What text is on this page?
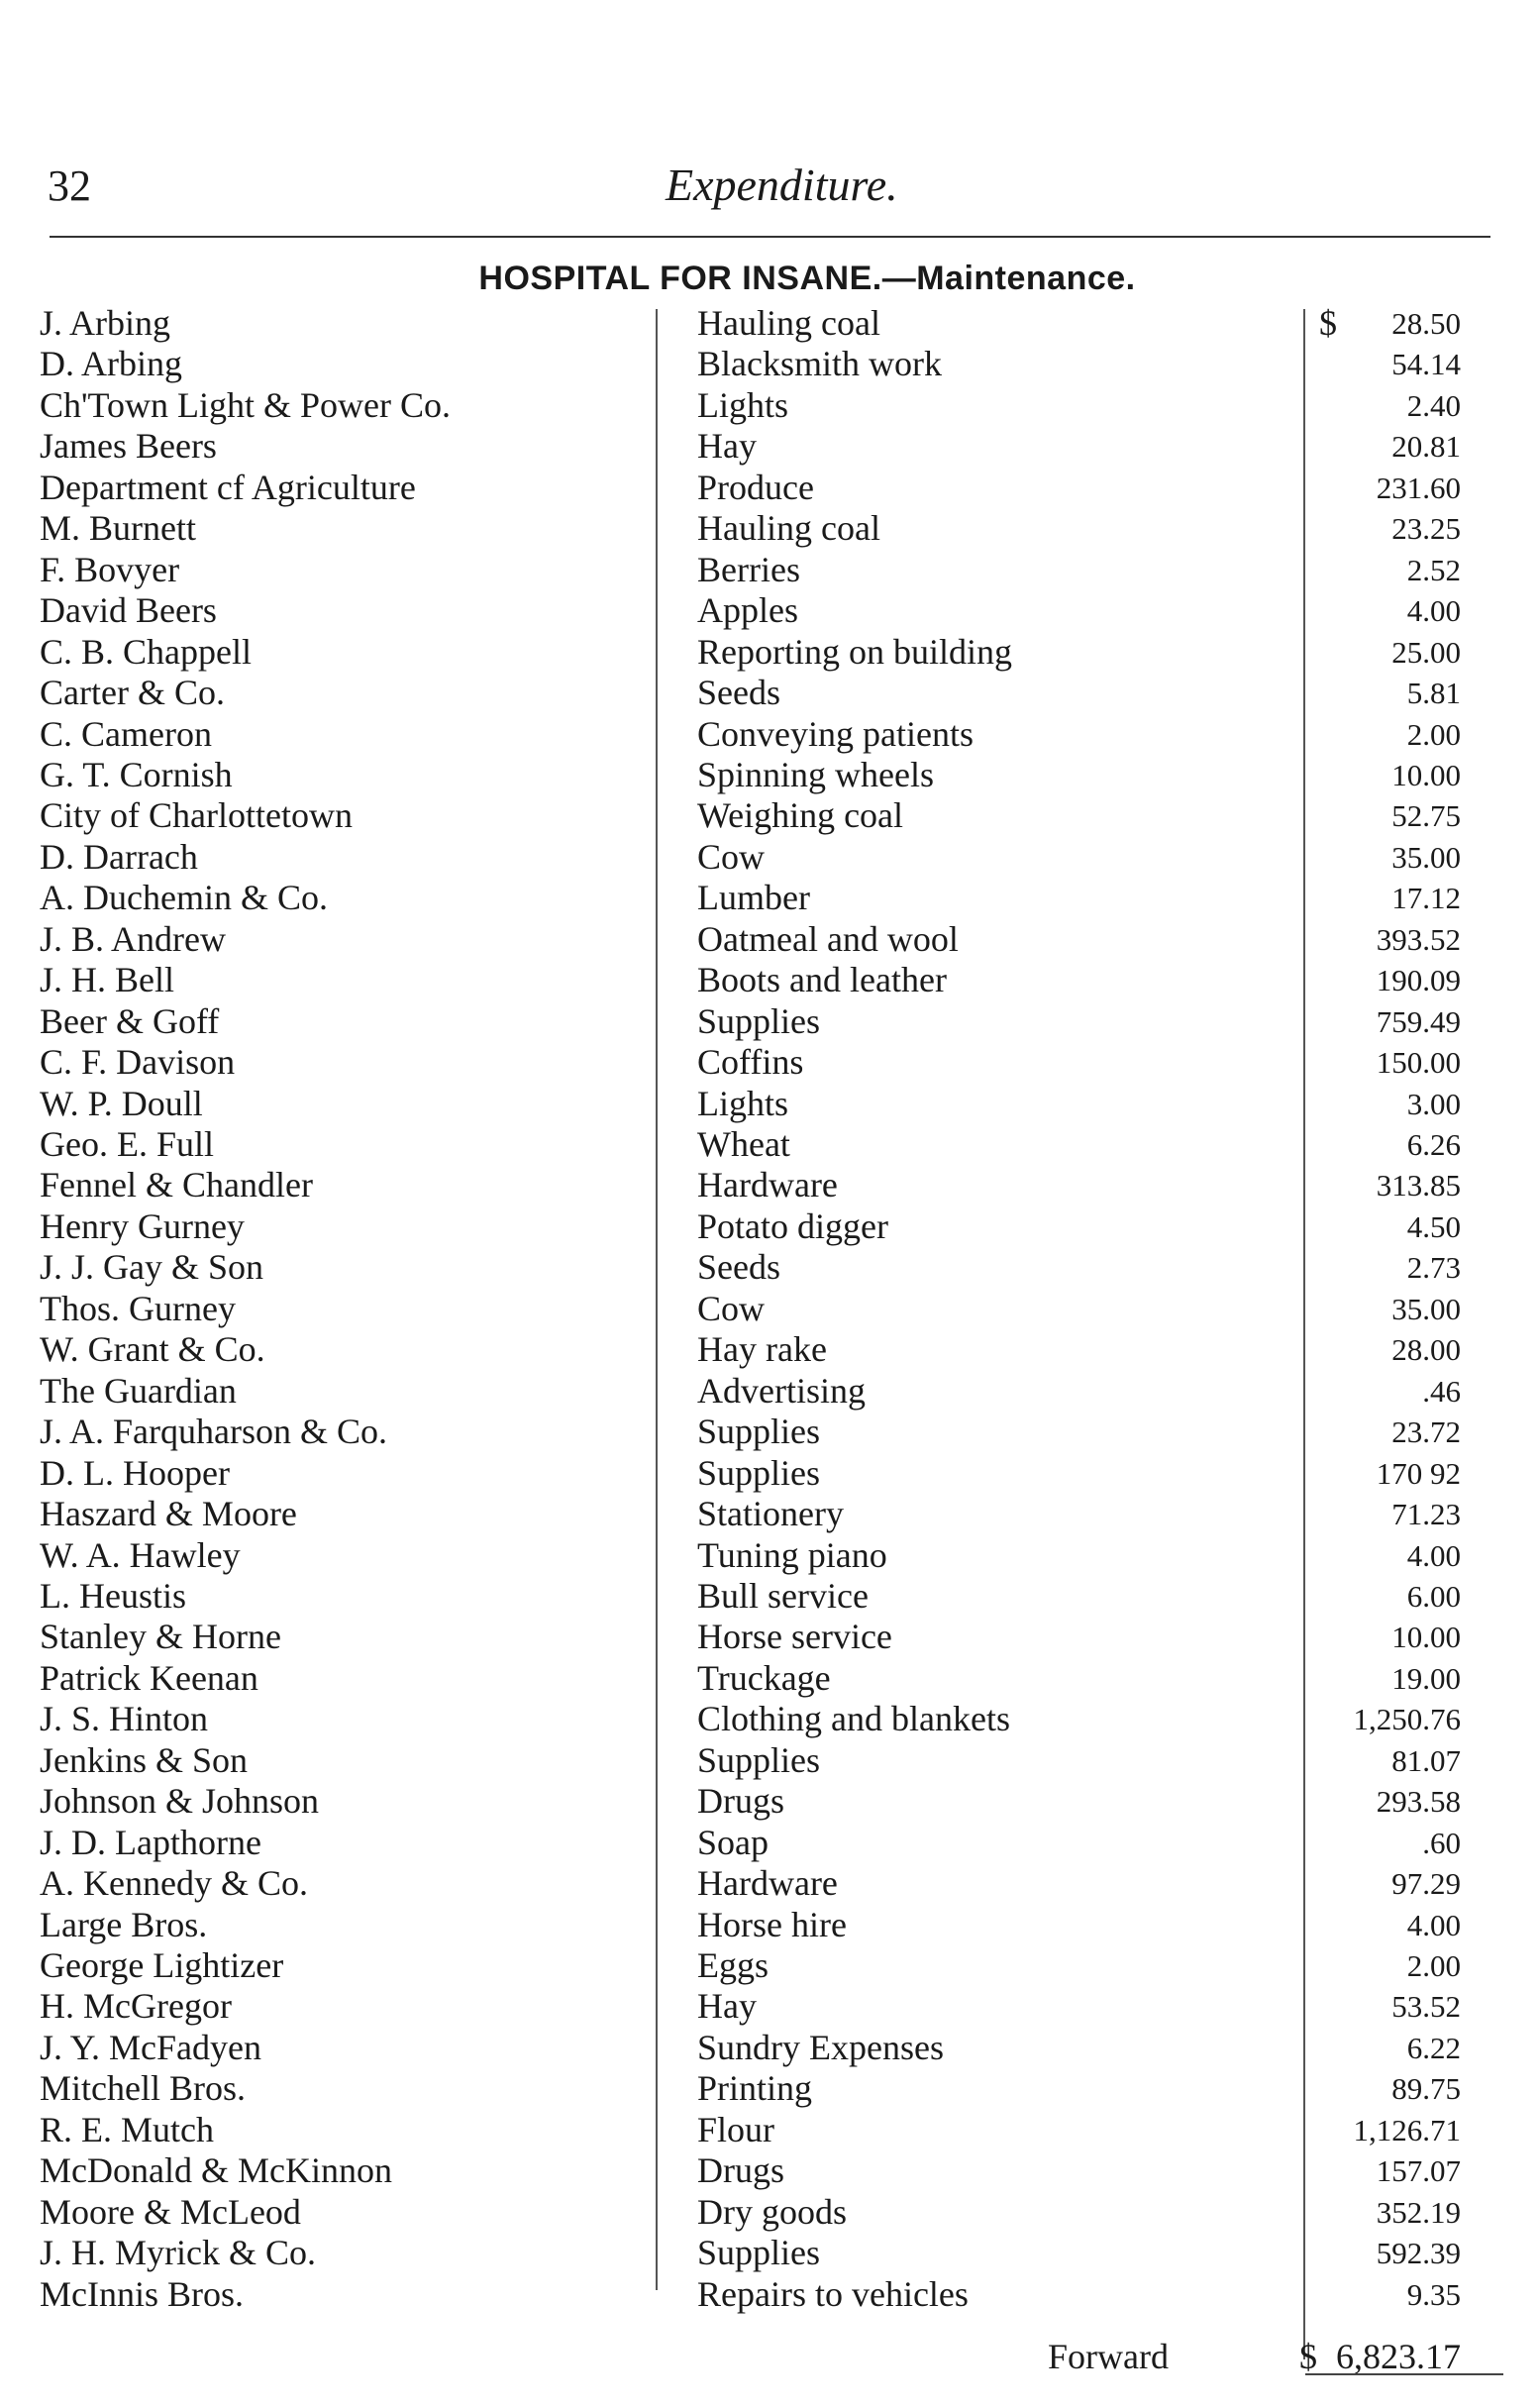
32	Expenditure.
HOSPITAL FOR INSANE.—Maintenance.
J. Arbing	Hauling coal	$ 28.50
D. Arbing	Blacksmith work	54.14
Ch'Town Light & Power Co.	Lights	2.40
James Beers	Hay	20.81
Department cf Agriculture	Produce	231.60
M. Burnett	Hauling coal	23.25
F. Bovyer	Berries	2.52
David Beers	Apples	4.00
C. B. Chappell	Reporting on building	25.00
Carter & Co.	Seeds	5.81
C. Cameron	Conveying patients	2.00
G. T. Cornish	Spinning wheels	10.00
City of Charlottetown	Weighing coal	52.75
D. Darrach	Cow	35.00
A. Duchemin & Co.	Lumber	17.12
J. B. Andrew	Oatmeal and wool	393.52
J. H. Bell	Boots and leather	190.09
Beer & Goff	Supplies	759.49
C. F. Davison	Coffins	150.00
W. P. Doull	Lights	3.00
Geo. E. Full	Wheat	6.26
Fennel & Chandler	Hardware	313.85
Henry Gurney	Potato digger	4.50
J. J. Gay & Son	Seeds	2.73
Thos. Gurney	Cow	35.00
W. Grant & Co.	Hay rake	28.00
The Guardian	Advertising	.46
J. A. Farquharson & Co.	Supplies	23.72
D. L. Hooper	Supplies	170 92
Haszard & Moore	Stationery	71.23
W. A. Hawley	Tuning piano	4.00
L. Heustis	Bull service	6.00
Stanley & Horne	Horse service	10.00
Patrick Keenan	Truckage	19.00
J. S. Hinton	Clothing and blankets	1,250.76
Jenkins & Son	Supplies	81.07
Johnson & Johnson	Drugs	293.58
J. D. Lapthorne	Soap	.60
A. Kennedy & Co.	Hardware	97.29
Large Bros.	Horse hire	4.00
George Lightizer	Eggs	2.00
H. McGregor	Hay	53.52
J. Y. McFadyen	Sundry Expenses	6.22
Mitchell Bros.	Printing	89.75
R. E. Mutch	Flour	1,126.71
McDonald & McKinnon	Drugs	157.07
Moore & McLeod	Dry goods	352.19
J. H. Myrick & Co.	Supplies	592.39
McInnis Bros.	Repairs to vehicles	9.35
Forward	$ 6,823.17
